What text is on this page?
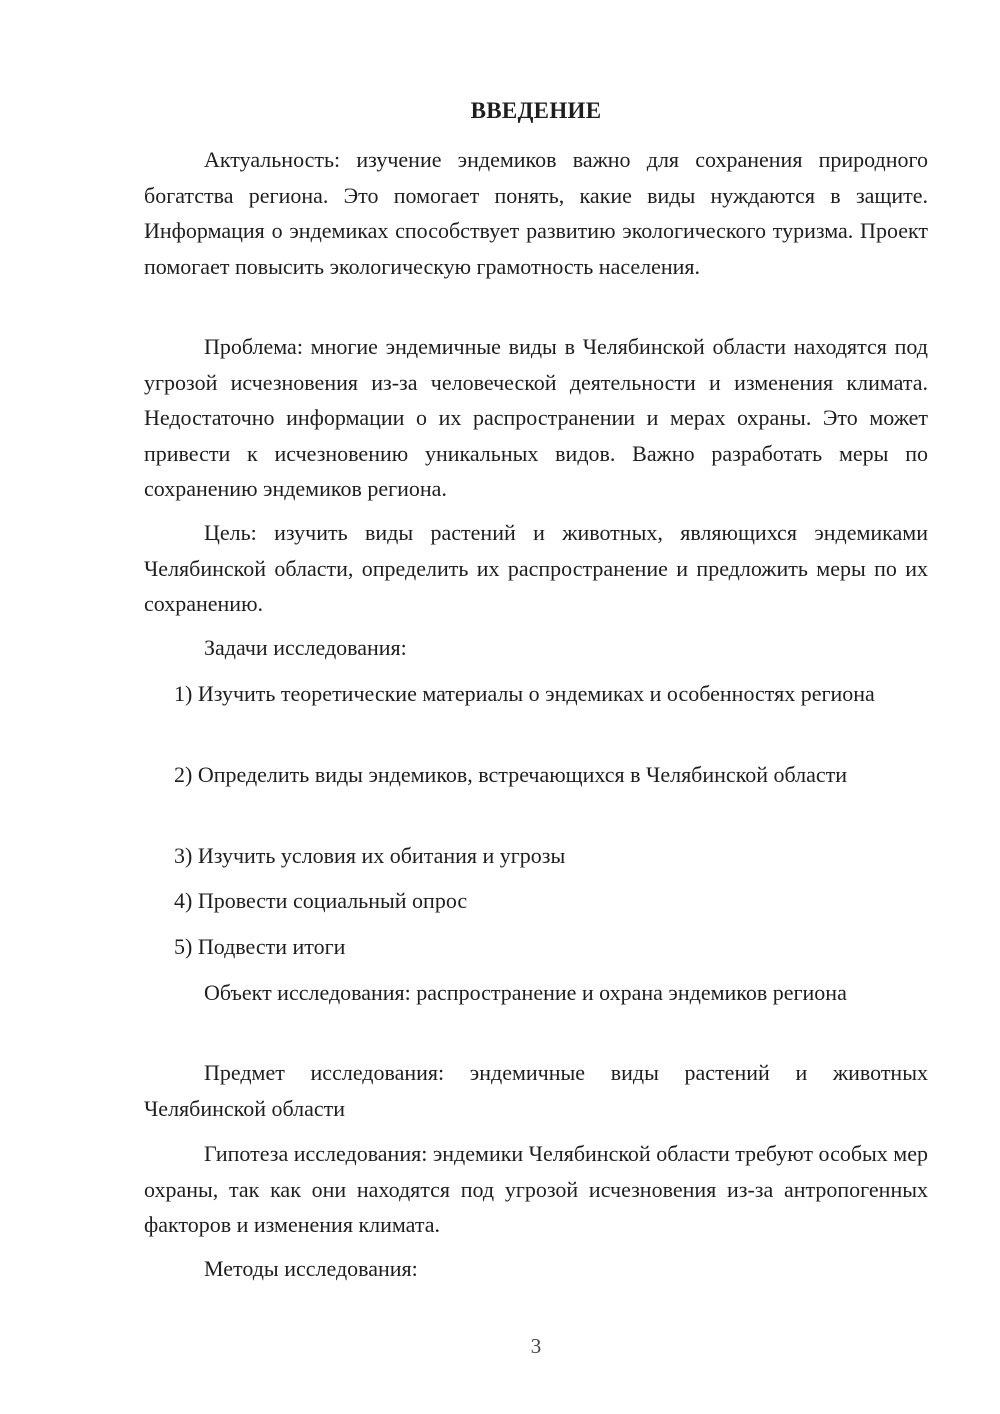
ВВЕДЕНИЕ

Актуальность: изучение эндемиков важно для сохранения природного богатства региона. Это помогает понять, какие виды нуждаются в защите. Информация о эндемиках способствует развитию экологического туризма. Проект помогает повысить экологическую грамотность населения.

Проблема: многие эндемичные виды в Челябинской области находятся под угрозой исчезновения из-за человеческой деятельности и изменения климата. Недостаточно информации о их распространении и мерах охраны. Это может привести к исчезновению уникальных видов. Важно разработать меры по сохранению эндемиков региона.

Цель: изучить виды растений и животных, являющихся эндемиками Челябинской области, определить их распространение и предложить меры по их сохранению.

Задачи исследования:

1) Изучить теоретические материалы о эндемиках и особенностях региона

2) Определить виды эндемиков, встречающихся в Челябинской области

3) Изучить условия их обитания и угрозы

4) Провести социальный опрос

5) Подвести итоги

Объект исследования: распространение и охрана эндемиков региона

Предмет исследования: эндемичные виды растений и животных Челябинской области

Гипотеза исследования: эндемики Челябинской области требуют особых мер охраны, так как они находятся под угрозой исчезновения из-за антропогенных факторов и изменения климата.

Методы исследования:

3
